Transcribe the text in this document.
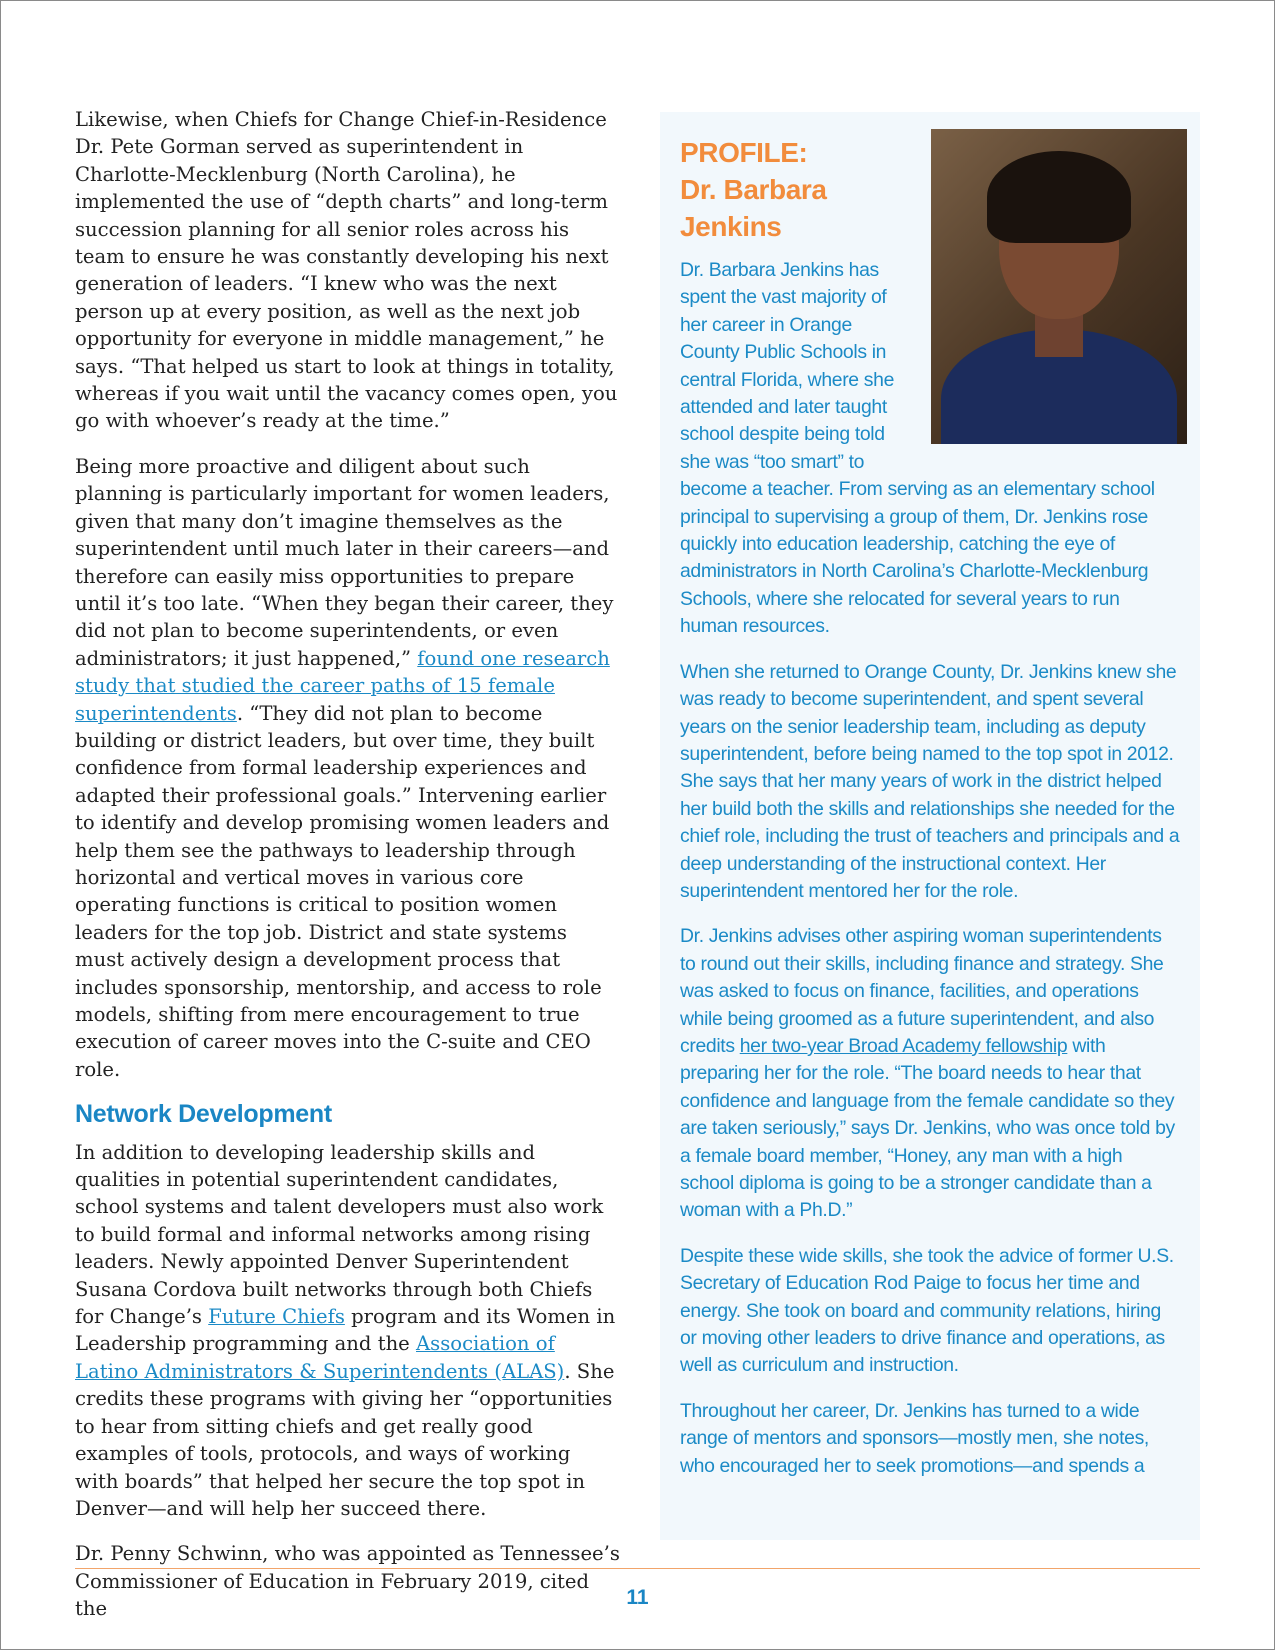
Likewise, when Chiefs for Change Chief-in-Residence Dr. Pete Gorman served as superintendent in Charlotte-Mecklenburg (North Carolina), he implemented the use of “depth charts” and long-term succession planning for all senior roles across his team to ensure he was constantly developing his next generation of leaders. “I knew who was the next person up at every position, as well as the next job opportunity for everyone in middle management,” he says. “That helped us start to look at things in totality, whereas if you wait until the vacancy comes open, you go with whoever’s ready at the time.”

Being more proactive and diligent about such planning is particularly important for women leaders, given that many don’t imagine themselves as the superintendent until much later in their careers—and therefore can easily miss opportunities to prepare until it’s too late. “When they began their career, they did not plan to become superintendents, or even administrators; it just happened,” found one research study that studied the career paths of 15 female superintendents. “They did not plan to become building or district leaders, but over time, they built confidence from formal leadership experiences and adapted their professional goals.” Intervening earlier to identify and develop promising women leaders and help them see the pathways to leadership through horizontal and vertical moves in various core operating functions is critical to position women leaders for the top job. District and state systems must actively design a development process that includes sponsorship, mentorship, and access to role models, shifting from mere encouragement to true execution of career moves into the C-suite and CEO role.

Network Development

In addition to developing leadership skills and qualities in potential superintendent candidates, school systems and talent developers must also work to build formal and informal networks among rising leaders. Newly appointed Denver Superintendent Susana Cordova built networks through both Chiefs for Change’s Future Chiefs program and its Women in Leadership programming and the Association of Latino Administrators & Superintendents (ALAS). She credits these programs with giving her “opportunities to hear from sitting chiefs and get really good examples of tools, protocols, and ways of working with boards” that helped her secure the top spot in Denver—and will help her succeed there.

Dr. Penny Schwinn, who was appointed as Tennessee’s Commissioner of Education in February 2019, cited the

PROFILE:
Dr. Barbara
Jenkins

Dr. Barbara Jenkins has spent the vast majority of her career in Orange County Public Schools in central Florida, where she attended and later taught school despite being told she was “too smart” to become a teacher. From serving as an elementary school principal to supervising a group of them, Dr. Jenkins rose quickly into education leadership, catching the eye of administrators in North Carolina’s Charlotte-Mecklenburg Schools, where she relocated for several years to run human resources.

When she returned to Orange County, Dr. Jenkins knew she was ready to become superintendent, and spent several years on the senior leadership team, including as deputy superintendent, before being named to the top spot in 2012. She says that her many years of work in the district helped her build both the skills and relationships she needed for the chief role, including the trust of teachers and principals and a deep understanding of the instructional context. Her superintendent mentored her for the role.

Dr. Jenkins advises other aspiring woman superintendents to round out their skills, including finance and strategy. She was asked to focus on finance, facilities, and operations while being groomed as a future superintendent, and also credits her two-year Broad Academy fellowship with preparing her for the role. “The board needs to hear that confidence and language from the female candidate so they are taken seriously,” says Dr. Jenkins, who was once told by a female board member, “Honey, any man with a high school diploma is going to be a stronger candidate than a woman with a Ph.D.”

Despite these wide skills, she took the advice of former U.S. Secretary of Education Rod Paige to focus her time and energy. She took on board and community relations, hiring or moving other leaders to drive finance and operations, as well as curriculum and instruction.

Throughout her career, Dr. Jenkins has turned to a wide range of mentors and sponsors—mostly men, she notes, who encouraged her to seek promotions—and spends a

11
